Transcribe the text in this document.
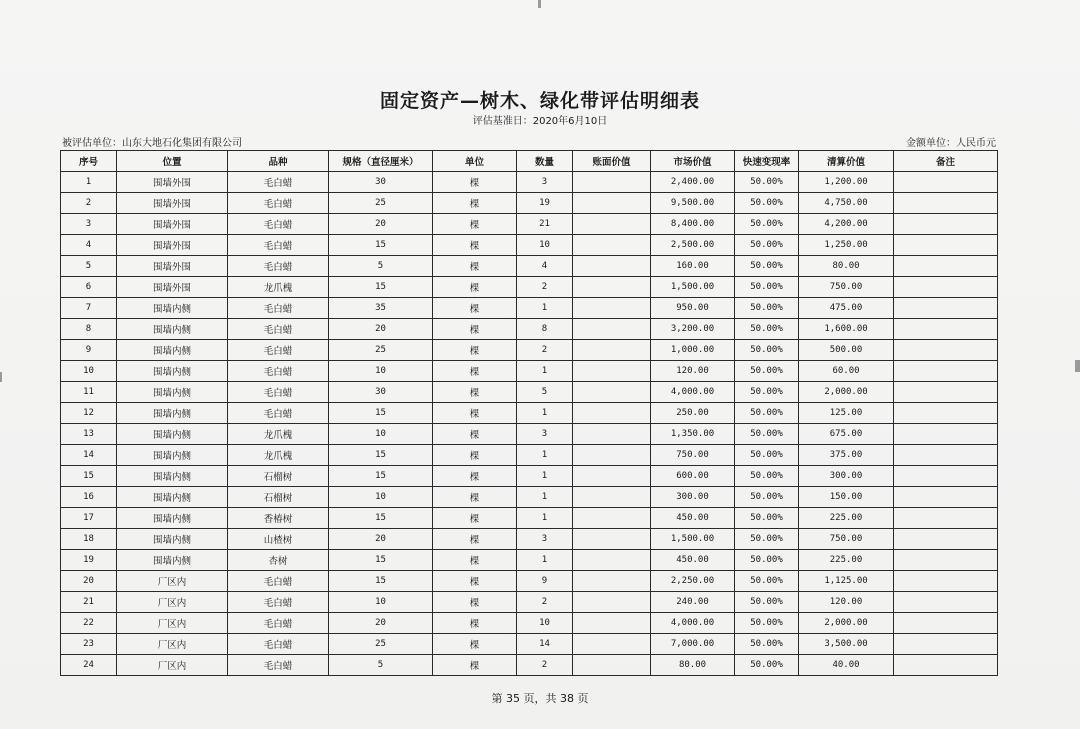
固定资产—树木、绿化带评估明细表
评估基准日：2020年6月10日
被评估单位：山东大地石化集团有限公司	金额单位：人民币元
序号	位置	品种	规格（直径厘米）	单位	数量	账面价值	市场价值	快速变现率	清算价值	备注
1	围墙外围	毛白蜡	30	棵	3		2,400.00	50.00%	1,200.00	
2	围墙外围	毛白蜡	25	棵	19		9,500.00	50.00%	4,750.00	
3	围墙外围	毛白蜡	20	棵	21		8,400.00	50.00%	4,200.00	
4	围墙外围	毛白蜡	15	棵	10		2,500.00	50.00%	1,250.00	
5	围墙外围	毛白蜡	5	棵	4		160.00	50.00%	80.00	
6	围墙外围	龙爪槐	15	棵	2		1,500.00	50.00%	750.00	
7	围墙内侧	毛白蜡	35	棵	1		950.00	50.00%	475.00	
8	围墙内侧	毛白蜡	20	棵	8		3,200.00	50.00%	1,600.00	
9	围墙内侧	毛白蜡	25	棵	2		1,000.00	50.00%	500.00	
10	围墙内侧	毛白蜡	10	棵	1		120.00	50.00%	60.00	
11	围墙内侧	毛白蜡	30	棵	5		4,000.00	50.00%	2,000.00	
12	围墙内侧	毛白蜡	15	棵	1		250.00	50.00%	125.00	
13	围墙内侧	龙爪槐	10	棵	3		1,350.00	50.00%	675.00	
14	围墙内侧	龙爪槐	15	棵	1		750.00	50.00%	375.00	
15	围墙内侧	石榴树	15	棵	1		600.00	50.00%	300.00	
16	围墙内侧	石榴树	10	棵	1		300.00	50.00%	150.00	
17	围墙内侧	香椿树	15	棵	1		450.00	50.00%	225.00	
18	围墙内侧	山楂树	20	棵	3		1,500.00	50.00%	750.00	
19	围墙内侧	杏树	15	棵	1		450.00	50.00%	225.00	
20	厂区内	毛白蜡	15	棵	9		2,250.00	50.00%	1,125.00	
21	厂区内	毛白蜡	10	棵	2		240.00	50.00%	120.00	
22	厂区内	毛白蜡	20	棵	10		4,000.00	50.00%	2,000.00	
23	厂区内	毛白蜡	25	棵	14		7,000.00	50.00%	3,500.00	
24	厂区内	毛白蜡	5	棵	2		80.00	50.00%	40.00	
第 35 页，共 38 页
